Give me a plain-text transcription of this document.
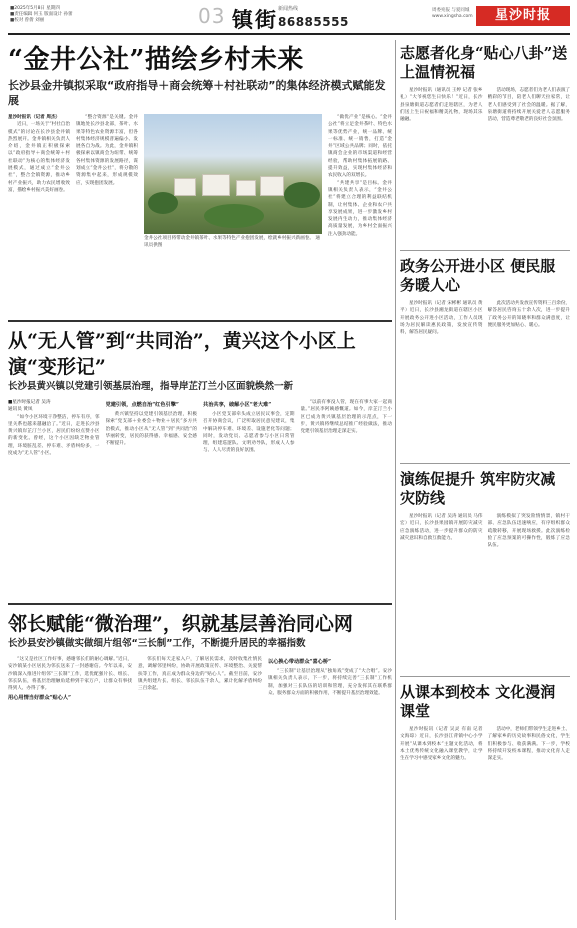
■2025年5月8日 星期四
■责任编辑 何玉 版面设计 孙蕾
■校对 曾倩 刘丽	03 镇街 新闻热线
86885555
周委宛报 与爱同城
www.xingsha.com	星沙时报
“金井公社”描绘乡村未来
长沙县金井镇拟采取“政府指导＋商会统筹＋村社联动”的集体经济模式赋能发展
星沙时报讯（记者 周杰）

近日，一场关于“村社自治模式”的讨论在长沙县金井镇热烈展开。金井镇相关负责人介绍，金井镇正积极探索以“政府指导＋商会统筹＋村社联动”为核心的集体经济发展模式，通过成立“金井公社”，整合全镇资源，推动乡村产业振兴，助力农民增收致富，描绘乡村振兴美好画卷。

“整合资源”是关键。金井镇地处长沙县北部，茶叶、水果等特色农业资源丰富，但各村集体经济规模普遍偏小、发展各自为战。为此，金井镇积极探索以镇商会为纽带、统筹各村集体资源的发展路径，谋划成立“金井公社”，将分散的资源集中起来，形成规模效应，实现抱团发展。

金井公社项目将带动金井镇茶叶、水果等特色产业抱团发展，绘就乡村振兴新画卷。 通讯员供图

“做优产业”是核心。“金井公社”将立足金井茶叶、特色水果等优势产业，统一品牌、统一标准、统一销售，打造“金井”区域公共品牌；同时，依托镇商会企业的市场渠道和经营经验，帮助村集体拓展销路、提升效益，实现村集体经济和农民收入的双增长。

“共建共享”是目标。金井镇相关负责人表示，“金井公社”将建立合理的利益联结机制，让村集体、企业和农户共享发展成果，进一步激发乡村发展内生动力，推动集体经济高质量发展，为乡村全面振兴注入强劲动能。

从“无人管”到“共同治”，黄兴这个小区上演“变形记”
长沙县黄兴镇以党建引领基层治理，指导岸芷汀兰小区面貌焕然一新
■星沙时报记者 吴涛
通讯员 黄凤

“如今小区环境干净整洁，停车有序，邻里关系也越来越融洽了。”近日，走进长沙县黄兴镇岸芷汀兰小区，居民们纷纷点赞小区的新变化。曾经，这个小区因缺乏物业管理，环境脏乱差、停车难、矛盾纠纷多，一度成为“无人管”小区。

党建引领，点燃自治“红色引擎”

黄兴镇坚持以党建引领基层治理，积极探索“党支部＋业委会＋物业＋居民”多方共治模式，推动小区从“无人管”到“共同治”的华丽转变，居民的获得感、幸福感、安全感不断提升。

共治共享，破解小区“老大难”

小区党支部牵头成立居民议事会，定期召开协商会议，广泛听取居民意见建议，集中解决停车难、环境差、设施老化等问题；同时，发动党员、志愿者参与小区日常管理，组建巡逻队、文明劝导队，形成人人参与、人人尽责的良好氛围。

“以前有事没人管，现在有事大家一起商量。”居民李阿姨感慨道。如今，岸芷汀兰小区已成为黄兴镇基层治理的示范点，下一步，黄兴镇将继续总结推广经验做法，推动党建引领基层治理走深走实。

邻长赋能“微治理”，织就基层善治同心网
长沙县安沙镇做实做细片组邻“三长制”工作，不断提升居民的幸福指数

“这又是社区工作好事，感谢邻长们的耐心调解。”近日，安沙镇某小区居民为邻长送来了一封感谢信。今年以来，安沙镇深入推进片组邻“三长制”工作，选优配强片长、组长、邻长队伍，将基层治理触角延伸到千家万户，让群众有事找得到人、办得了事。

用心用情当好群众“贴心人”

邻长们每天走家入户，了解居民需求，及时收集社情民意，调解邻里纠纷，协助开展政策宣传、环境整治、关爱帮扶等工作，真正成为群众身边的“贴心人”。截至目前，安沙镇共组建片长、组长、邻长队伍千余人，累计化解矛盾纠纷三百余起。

以心换心带动群众“喜心桥”

“三长制”让基层治理从“独角戏”变成了“大合唱”。安沙镇相关负责人表示，下一步，将持续完善“三长制”工作机制，加强对三长队伍的培训和管理，充分发挥其在联系群众、服务群众方面的积极作用，不断提升基层治理效能。

志愿者化身“贴心八卦”送上温情祝福

星沙时报讯（通讯员 王婷 记者 张乡礼）“大爷祝您生日快乐！”近日，长沙县泉塘街道志愿者们走进辖区，为老人们送上生日祝福和精美礼物，现场其乐融融。

活动现场，志愿者们为老人们表演了精彩的节目，陪老人们聊天拉家常，让老人们感受到了社会的温暖。据了解，泉塘街道将持续开展关爱老人志愿服务活动，营造尊老敬老的良好社会氛围。

政务公开进小区 便民服务暖人心

星沙时报讯（记者 宋彬彬 通讯员 黄平）近日，长沙县湘龙街道在辖区小区开展政务公开进小区活动，工作人员现场为居民解读惠民政策，发放宣传资料，解答居民疑问。

此次活动共发放宣传资料三百余份，解答居民咨询五十余人次，进一步提升了政务公开的知晓率和群众满意度，让便民服务更加贴心、暖心。

演练促提升 筑牢防灾减灾防线

星沙时报讯（记者 吴涛 通讯员 马伟宏）近日，长沙县果园镇开展防灾减灾应急演练活动，进一步提升群众的防灾减灾意识和自救互救能力。

演练模拟了突发险情情景，镇村干部、应急队伍迅速响应，有序组织群众疏散转移，开展现场救援。此次演练检验了应急预案的可操作性，锻炼了应急队伍。

从课本到校本 文化漫润课堂

星沙时报讯（记者 吴灵 有南 记者 文海琼）近日，长沙县江背镇中心小学开展“从课本到校本”主题文化活动，将本土优秀传统文化融入课堂教学，让学生在学习中感受家乡文化的魅力。

活动中，老师们带领学生走进乡土、了解家乡的历史故事和民俗文化，学生们积极参与、收获满满。下一步，学校将持续开发校本课程，推动文化育人走深走实。
